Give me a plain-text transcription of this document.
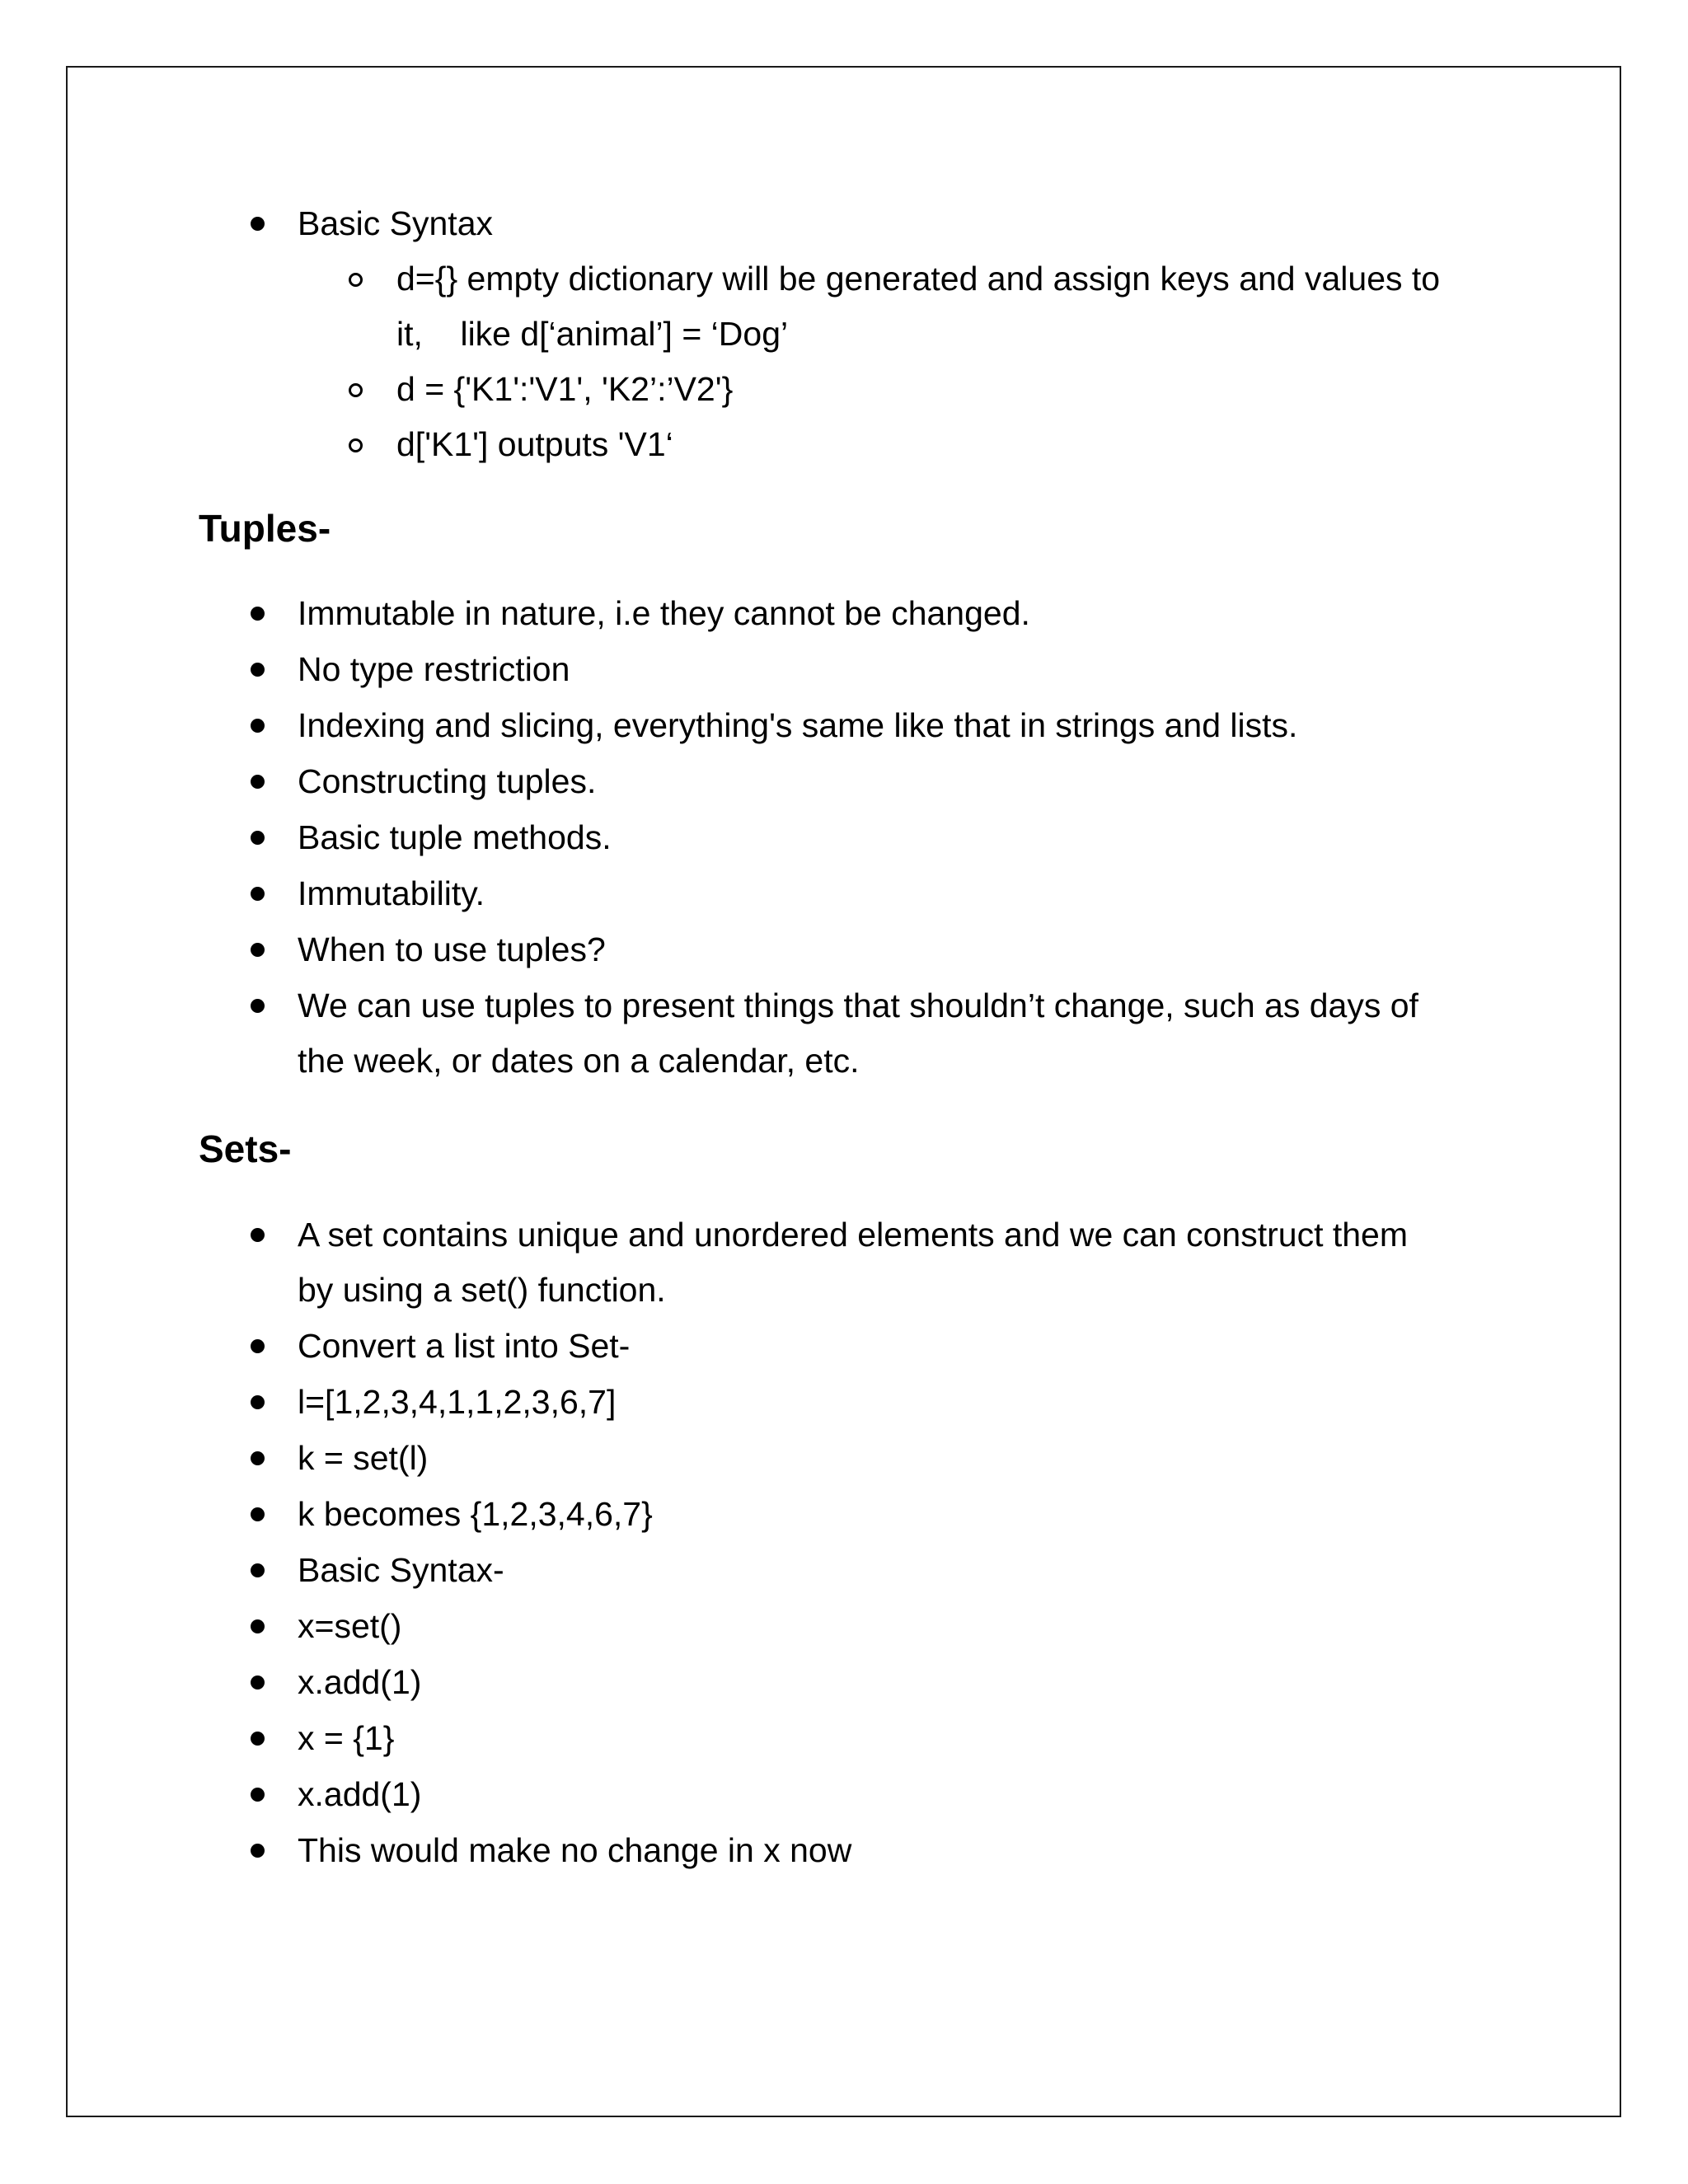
Basic Syntax
d={} empty dictionary will be generated and assign keys and values to
it,    like d[‘animal’] = ‘Dog’
d = {'K1':'V1', 'K2’:’V2'}
d['K1'] outputs 'V1‘
Tuples-
Immutable in nature, i.e they cannot be changed.
No type restriction
Indexing and slicing, everything's same like that in strings and lists.
Constructing tuples.
Basic tuple methods.
Immutability.
When to use tuples?
We can use tuples to present things that shouldn’t change, such as days of
the week, or dates on a calendar, etc.
Sets-
A set contains unique and unordered elements and we can construct them
by using a set() function.
Convert a list into Set-
l=[1,2,3,4,1,1,2,3,6,7]
k = set(l)
k becomes {1,2,3,4,6,7}
Basic Syntax-
x=set()
x.add(1)
x = {1}
x.add(1)
This would make no change in x now
